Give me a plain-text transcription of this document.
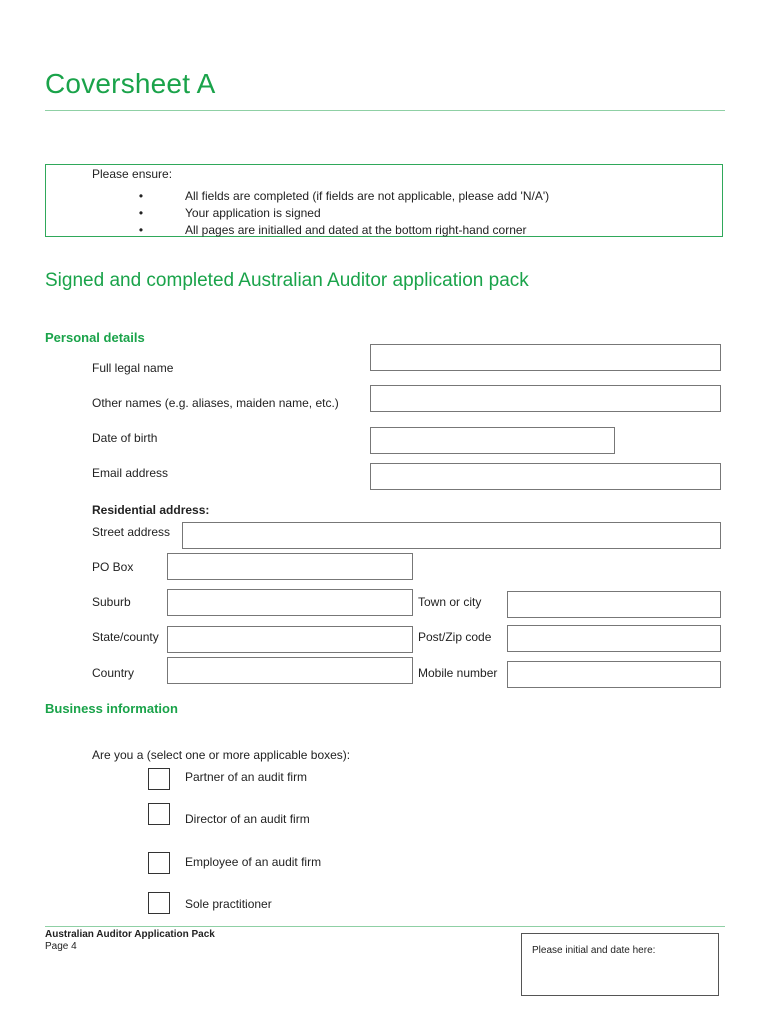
Coversheet A
Please ensure:
•	All fields are completed (if fields are not applicable, please add 'N/A')
•	Your application is signed
•	All pages are initialled and dated at the bottom right-hand corner
Signed and completed Australian Auditor application pack
Personal details
Full legal name
Other names (e.g. aliases, maiden name, etc.)
Date of birth
Email address
Residential address:
Street address
PO Box
Suburb	Town or city
State/county	Post/Zip code
Country	Mobile number
Business information
Are you a (select one or more applicable boxes):
Partner of an audit firm
Director of an audit firm
Employee of an audit firm
Sole practitioner
Australian Auditor Application Pack
Page 4	Please initial and date here:
